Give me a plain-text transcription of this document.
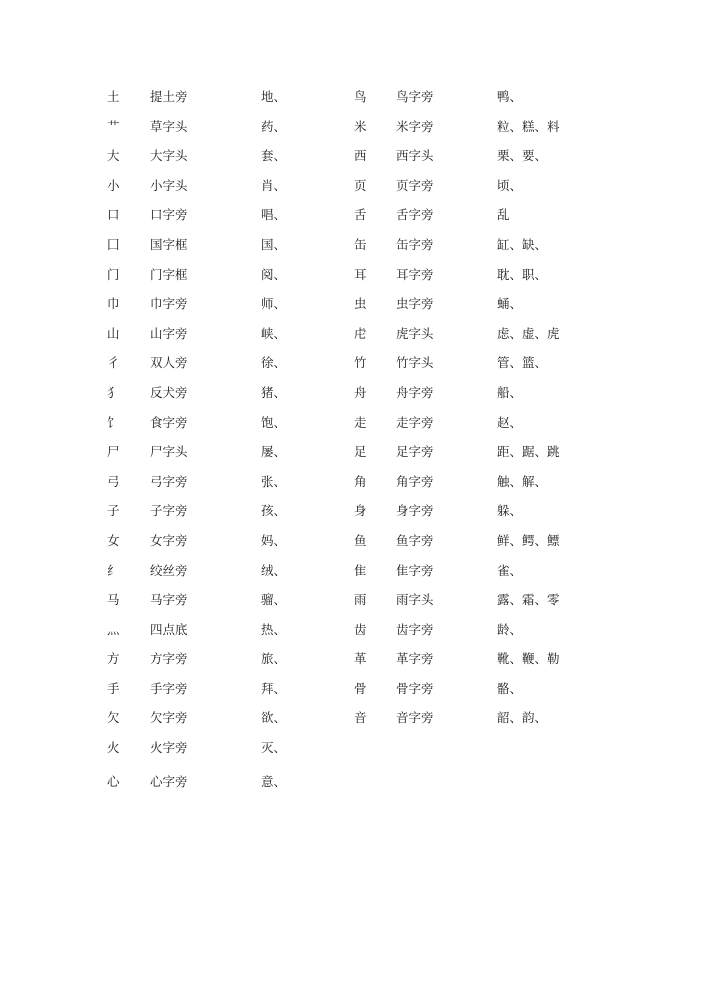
土 提土旁	地、	鸟 鸟字旁	鸭、
艹 草字头	药、	米 米字旁	粒、糕、料
大 大字头	套、	西 西字头	栗、要、
小 小字头	肖、	页 页字旁	顷、
口 口字旁	唱、	舌 舌字旁	乱
囗 国字框	国、	缶 缶字旁	缸、缺、
门 门字框	阅、	耳 耳字旁	耽、职、
巾 巾字旁	师、	虫 虫字旁	蛹、
山 山字旁	峡、	虍 虎字头	虑、虚、虎
彳 双人旁	徐、	竹 竹字头	管、篮、
犭 反犬旁	猪、	舟 舟字旁	船、
饣 食字旁	饱、	走 走字旁	赵、
尸 尸字头	屡、	足 足字旁	距、踞、跳
弓 弓字旁	张、	角 角字旁	触、解、
子 子字旁	孩、	身 身字旁	躲、
女 女字旁	妈、	鱼 鱼字旁	鲜、鳄、鳔
纟 绞丝旁	绒、	隹 隹字旁	雀、
马 马字旁	骝、	雨 雨字头	露、霜、零
灬 四点底	热、	齿 齿字旁	龄、
方 方字旁	旅、	革 革字旁	靴、鞭、勒
手 手字旁	拜、	骨 骨字旁	骼、
欠 欠字旁	欲、	音 音字旁	韶、韵、
火 火字旁	灭、
心 心字旁	意、
